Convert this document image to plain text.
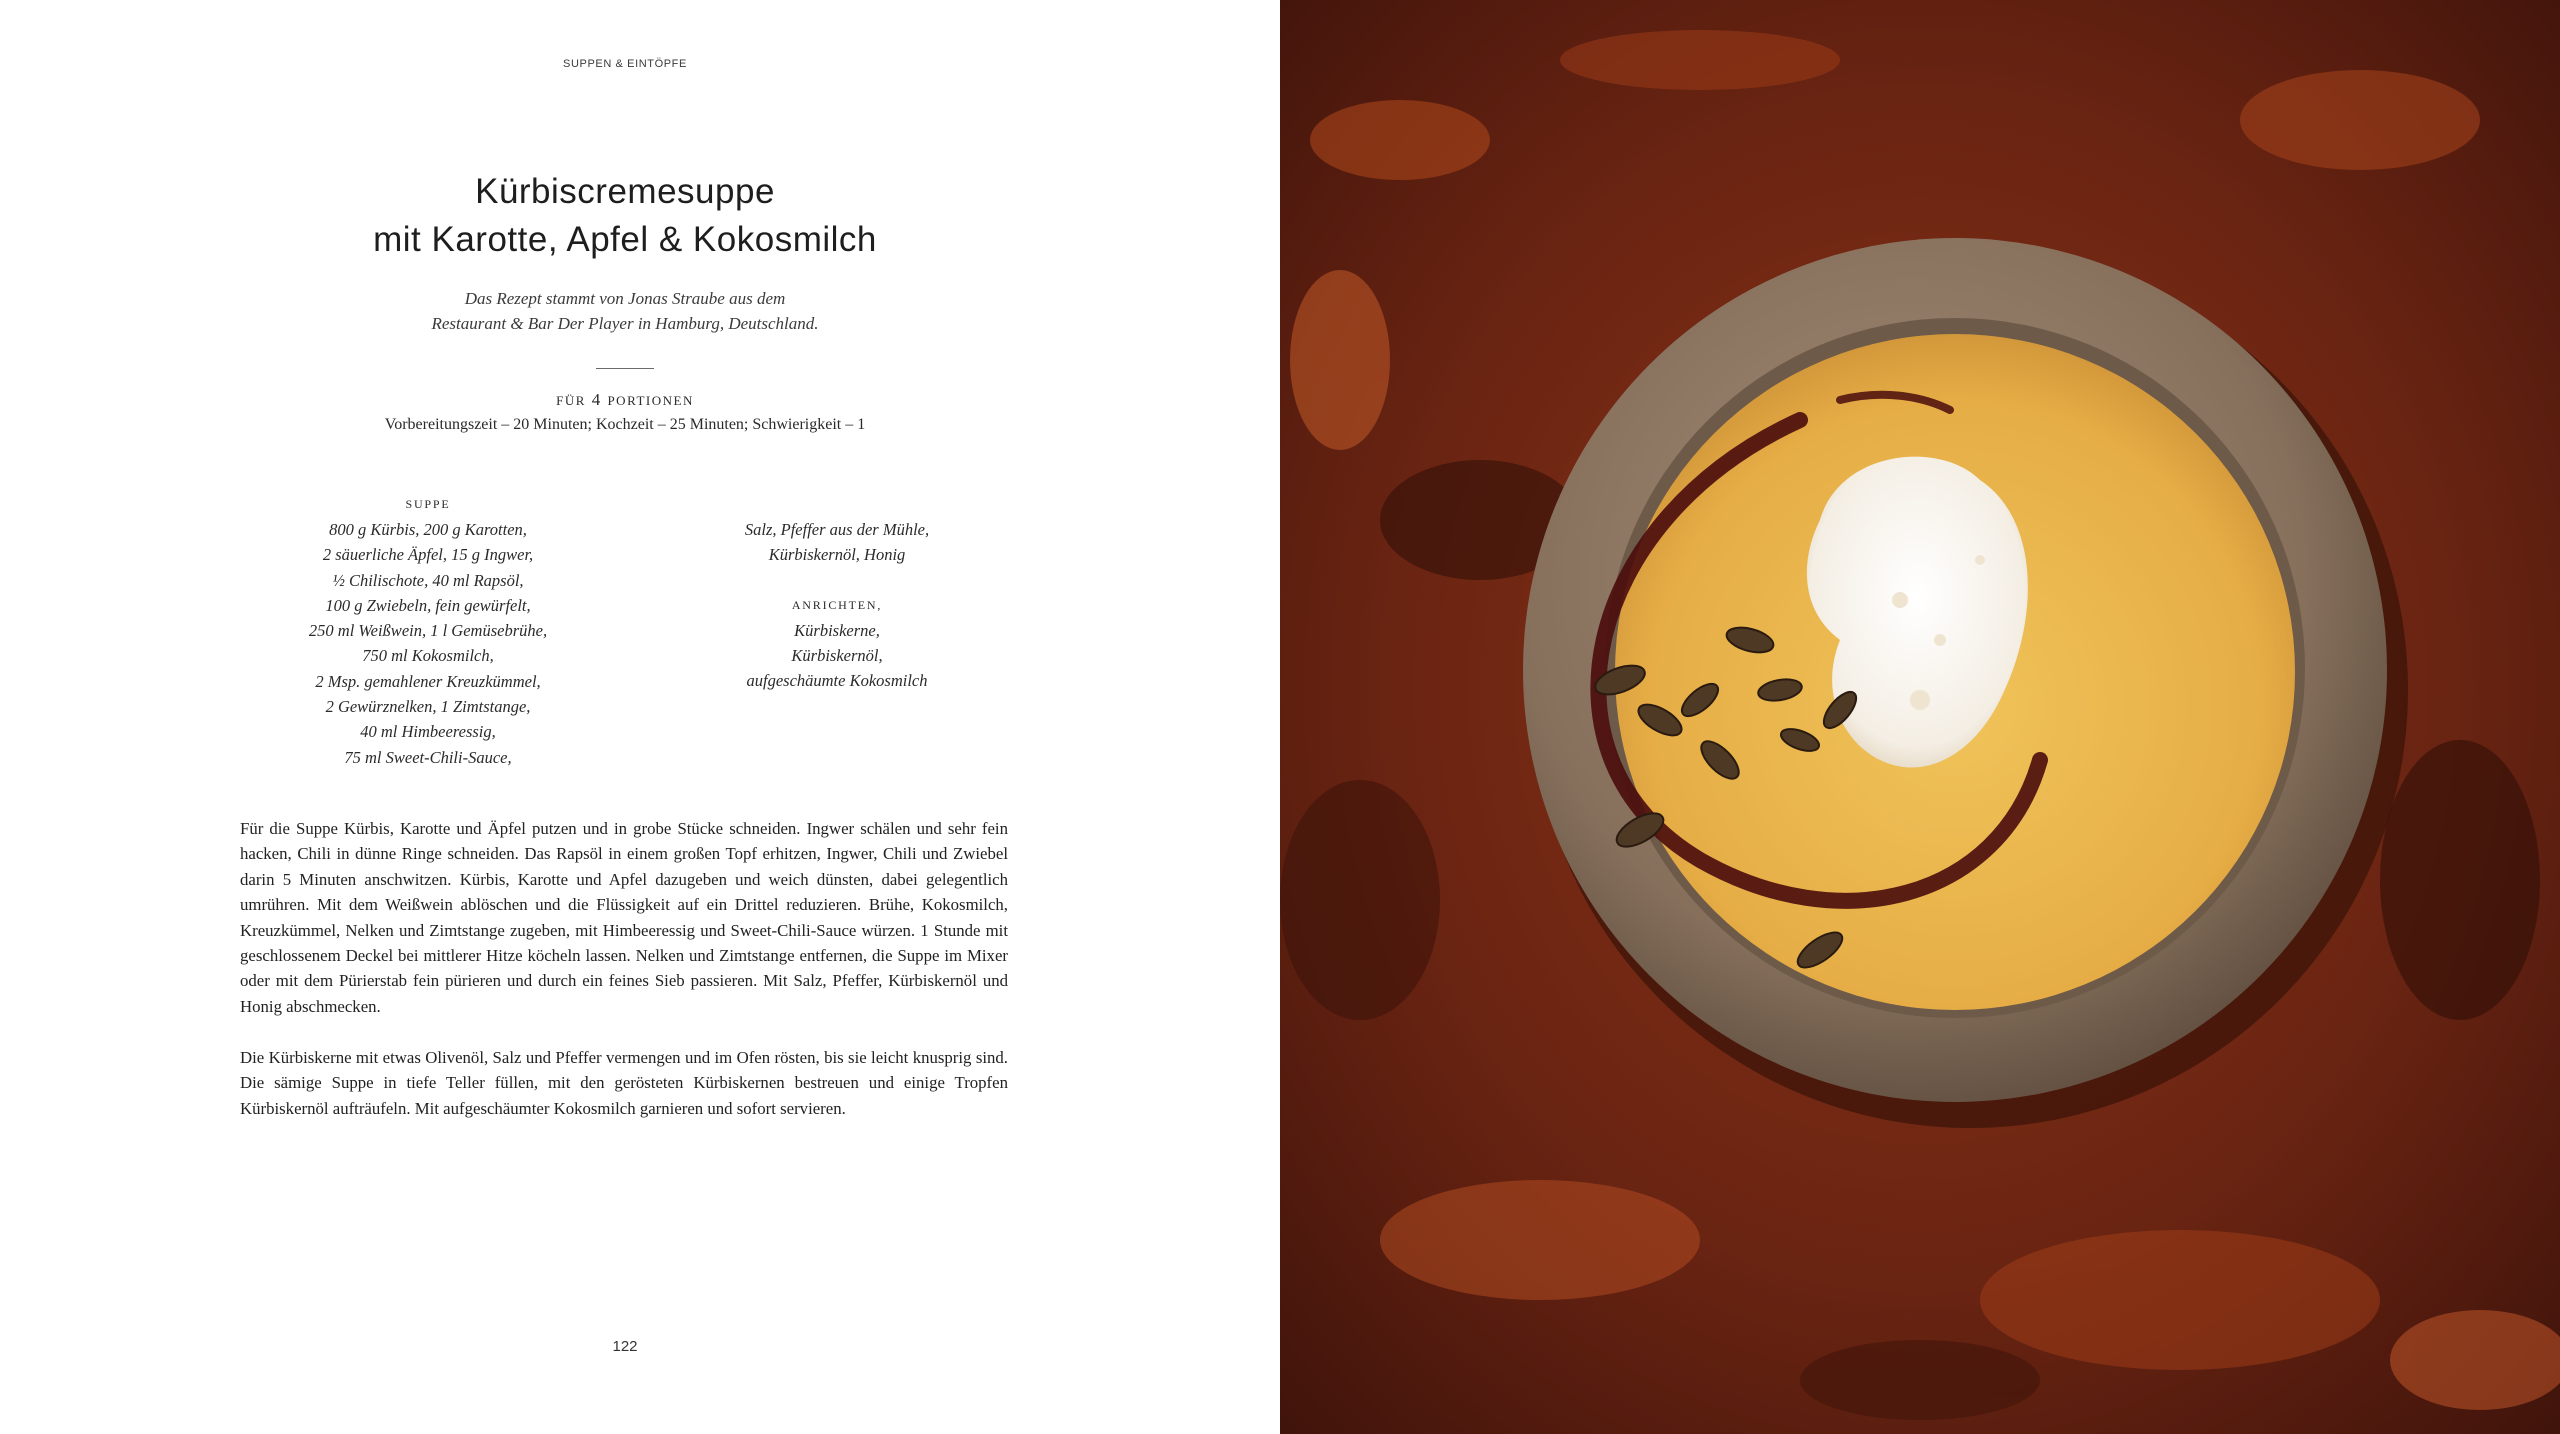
SUPPEN & EINTÖPFE
Kürbiscremesuppe
mit Karotte, Apfel & Kokosmilch
Das Rezept stammt von Jonas Straube aus dem
Restaurant & Bar Der Player in Hamburg, Deutschland.
FÜR 4 PORTIONEN
Vorbereitungszeit – 20 Minuten; Kochzeit – 25 Minuten; Schwierigkeit – 1
SUPPE
800 g Kürbis, 200 g Karotten,
2 säuerliche Äpfel, 15 g Ingwer,
½ Chilischote, 40 ml Rapsöl,
100 g Zwiebeln, fein gewürfelt,
250 ml Weißwein, 1 l Gemüsebrühe,
750 ml Kokosmilch,
2 Msp. gemahlener Kreuzkümmel,
2 Gewürznelken, 1 Zimtstange,
40 ml Himbeeressig,
75 ml Sweet-Chili-Sauce,
Salz, Pfeffer aus der Mühle,
Kürbiskernöl, Honig
ANRICHTEN,
Kürbiskerne,
Kürbiskernöl,
aufgeschäumte Kokosmilch
Für die Suppe Kürbis, Karotte und Äpfel putzen und in grobe Stücke schneiden. Ingwer schälen und sehr fein hacken, Chili in dünne Ringe schneiden. Das Rapsöl in einem großen Topf erhitzen, Ingwer, Chili und Zwiebel darin 5 Minuten anschwitzen. Kürbis, Karotte und Apfel dazugeben und weich dünsten, dabei gelegentlich umrühren. Mit dem Weißwein ablöschen und die Flüssigkeit auf ein Drittel reduzieren. Brühe, Kokosmilch, Kreuzkümmel, Nelken und Zimtstange zugeben, mit Himbeeressig und Sweet-Chili-Sauce würzen. 1 Stunde mit geschlossenem Deckel bei mittlerer Hitze köcheln lassen. Nelken und Zimtstange entfernen, die Suppe im Mixer oder mit dem Pürierstab fein pürieren und durch ein feines Sieb passieren. Mit Salz, Pfeffer, Kürbiskernöl und Honig abschmecken.
Die Kürbiskerne mit etwas Olivenöl, Salz und Pfeffer vermengen und im Ofen rösten, bis sie leicht knusprig sind. Die sämige Suppe in tiefe Teller füllen, mit den gerösteten Kürbiskernen bestreuen und einige Tropfen Kürbiskernöl aufträufeln. Mit aufgeschäumter Kokosmilch garnieren und sofort servieren.
122
